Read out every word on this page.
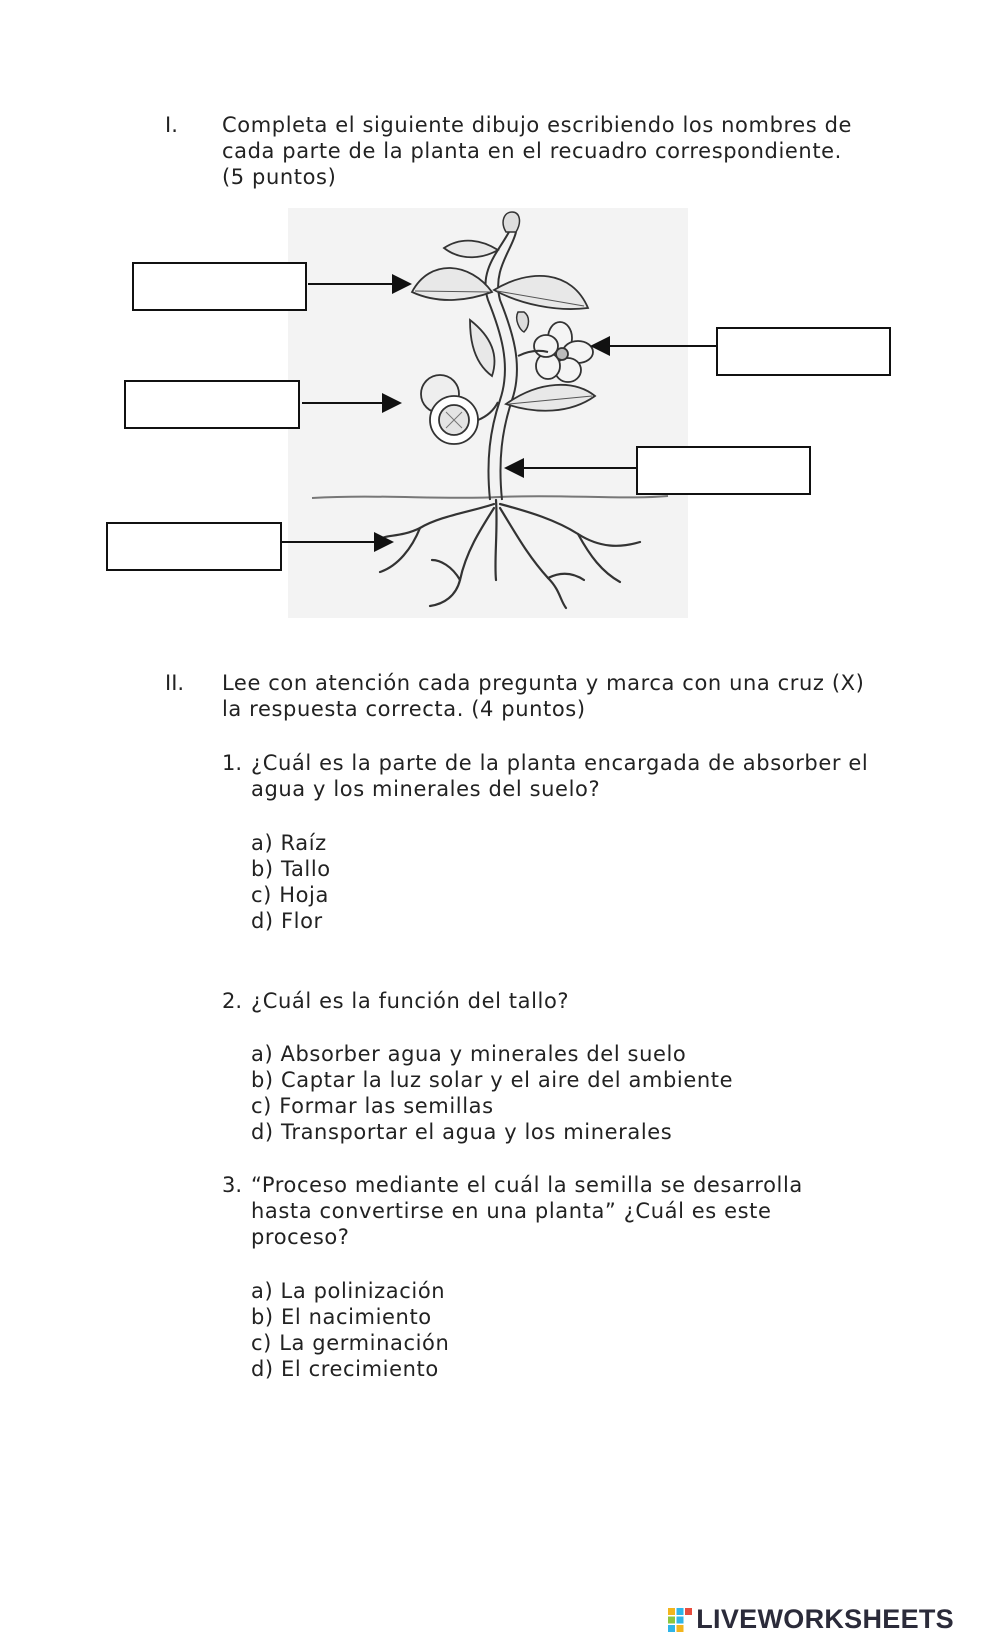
I. Completa el siguiente dibujo escribiendo los nombres de
cada parte de la planta en el recuadro correspondiente.
(5 puntos)
II. Lee con atención cada pregunta y marca con una cruz (X)
la respuesta correcta. (4 puntos)
1. ¿Cuál es la parte de la planta encargada de absorber el
agua y los minerales del suelo?
a) Raíz
b) Tallo
c) Hoja
d) Flor
2. ¿Cuál es la función del tallo?
a) Absorber agua y minerales del suelo
b) Captar la luz solar y el aire del ambiente
c) Formar las semillas
d) Transportar el agua y los minerales
3. “Proceso mediante el cuál la semilla se desarrolla
hasta convertirse en una planta” ¿Cuál es este
proceso?
a) La polinización
b) El nacimiento
c) La germinación
d) El crecimiento
LIVEWORKSHEETS
